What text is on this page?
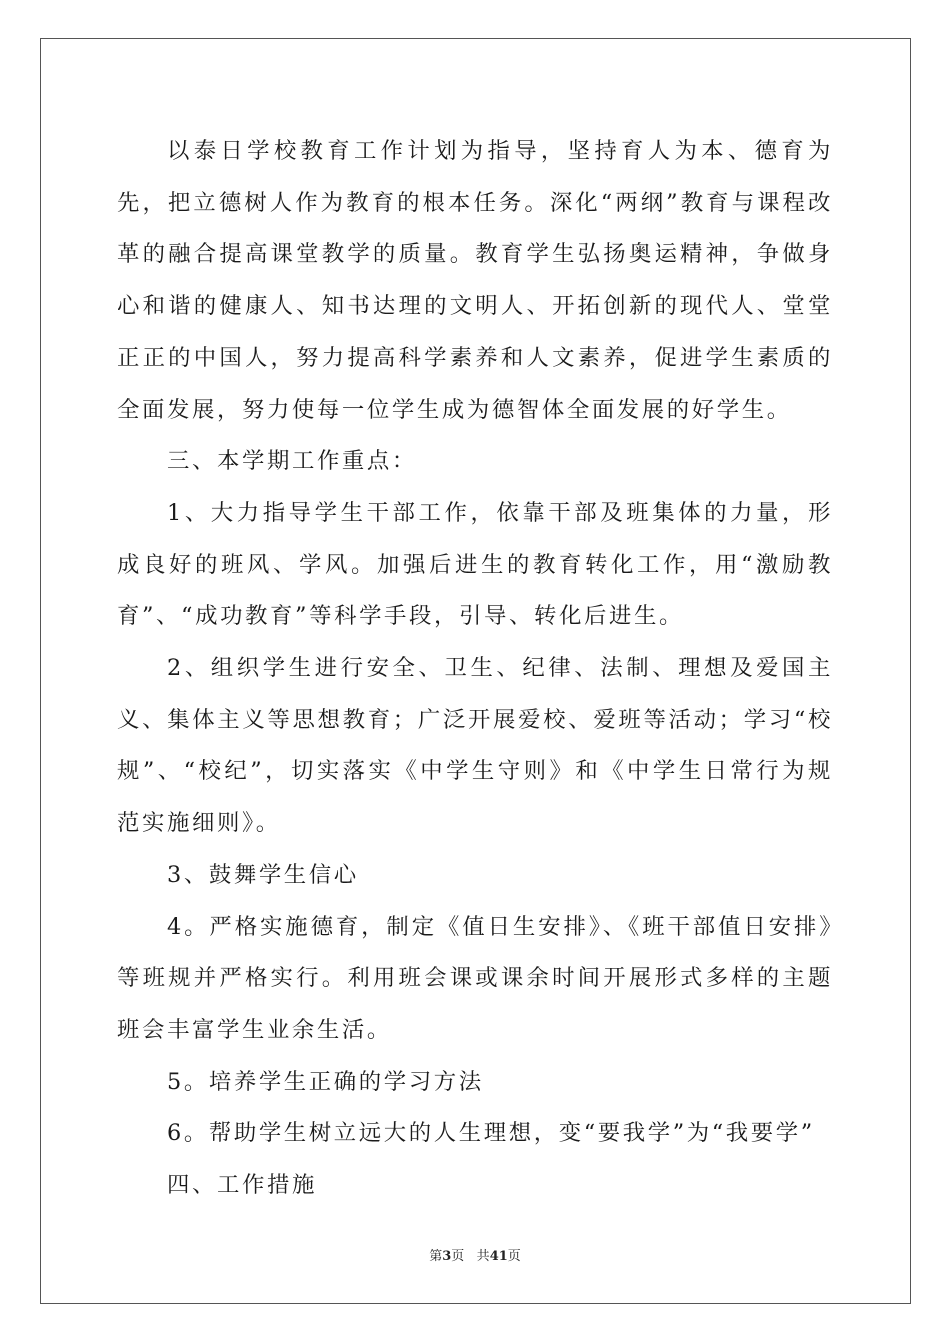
以泰日学校教育工作计划为指导，坚持育人为本、德育为先，把立德树人作为教育的根本任务。深化“两纲”教育与课程改革的融合提高课堂教学的质量。教育学生弘扬奥运精神，争做身心和谐的健康人、知书达理的文明人、开拓创新的现代人、堂堂正正的中国人，努力提高科学素养和人文素养，促进学生素质的全面发展，努力使每一位学生成为德智体全面发展的好学生。

三、本学期工作重点：

1、大力指导学生干部工作，依靠干部及班集体的力量，形成良好的班风、学风。加强后进生的教育转化工作，用“激励教育”、“成功教育”等科学手段，引导、转化后进生。

2、组织学生进行安全、卫生、纪律、法制、理想及爱国主义、集体主义等思想教育；广泛开展爱校、爱班等活动；学习“校规”、“校纪”，切实落实《中学生守则》和《中学生日常行为规范实施细则》。

3、鼓舞学生信心

4。严格实施德育，制定《值日生安排》、《班干部值日安排》等班规并严格实行。利用班会课或课余时间开展形式多样的主题班会丰富学生业余生活。

5。培养学生正确的学习方法

6。帮助学生树立远大的人生理想，变“要我学”为“我要学”

四、工作措施

第3页 共41页
